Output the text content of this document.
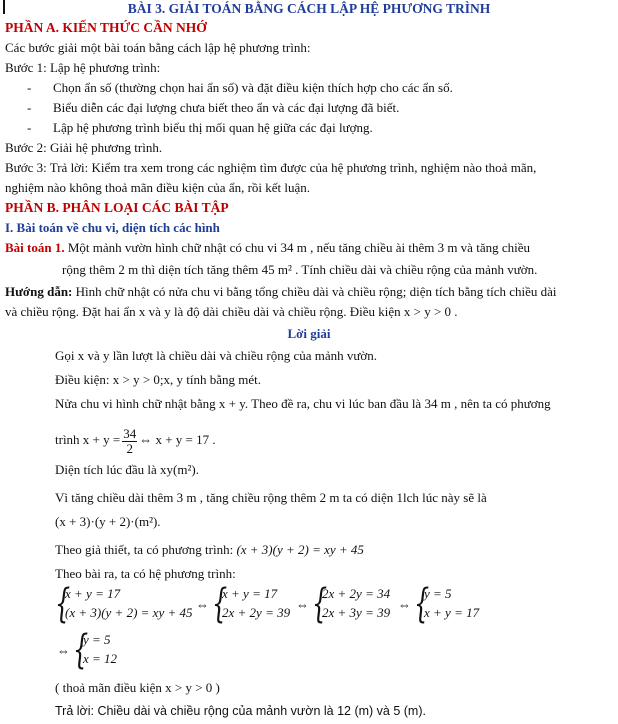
BÀI 3. GIẢI TOÁN BẰNG CÁCH LẬP HỆ PHƯƠNG TRÌNH
PHẦN A. KIẾN THỨC CẦN NHỚ
Các bước giải một bài toán bằng cách lập hệ phương trình:
Bước 1: Lập hệ phương trình:
- Chọn ẩn số (thường chọn hai ẩn số) và đặt điều kiện thích hợp cho các ẩn số.
- Biểu diễn các đại lượng chưa biết theo ẩn và các đại lượng đã biết.
- Lập hệ phương trình biểu thị mối quan hệ giữa các đại lượng.
Bước 2: Giải hệ phương trình.
Bước 3: Trả lời: Kiểm tra xem trong các nghiệm tìm được của hệ phương trình, nghiệm nào thoả mãn,
nghiệm nào không thoả mãn điều kiện của ẩn, rồi kết luận.
PHẦN B. PHÂN LOẠI CÁC BÀI TẬP
I. Bài toán về chu vi, diện tích các hình
Bài toán 1. Một mảnh vườn hình chữ nhật có chu vi 34 m , nếu tăng chiều ài thêm 3 m và tăng chiều
rộng thêm 2 m thì diện tích tăng thêm 45 m² . Tính chiều dài và chiều rộng của mảnh vườn.
Hướng dẫn: Hình chữ nhật có nửa chu vi bằng tổng chiều dài và chiều rộng; diện tích bằng tích chiều dài
và chiều rộng. Đặt hai ẩn x và y là độ dài chiều dài và chiều rộng. Điều kiện x > y > 0 .
Lời giải
Gọi x và y lần lượt là chiều dài và chiều rộng của mảnh vườn.
Điều kiện: x > y > 0;x, y tính bằng mét.
Nửa chu vi hình chữ nhật bằng x + y. Theo đề ra, chu vi lúc ban đầu là 34 m , nên ta có phương
trình $x + y = \frac{34}{2}$ ⇔ x + y = 17 .
Diện tích lúc đầu là xy(m²).
Vì tăng chiều dài thêm 3 m , tăng chiều rộng thêm 2 m ta có diện 1lch lúc này sẽ là
(x + 3)·(y + 2)·(m²).
Theo giả thiết, ta có phương trình: (x + 3)(y + 2) = xy + 45
Theo bài ra, ta có hệ phương trình:
{
x + y = 17
(x + 3)(y + 2) = xy + 45
⇔ {
x + y = 17
2x + 2y = 39
⇔ {
2x + 2y = 34
2x + 3y = 39
⇔ {
y = 5
x + y = 17
⇔ {
y = 5
x = 12
( thoả mãn điều kiện x > y > 0 )
Trả lời: Chiều dài và chiều rộng của mảnh vườn là 12 (m) và 5 (m).
